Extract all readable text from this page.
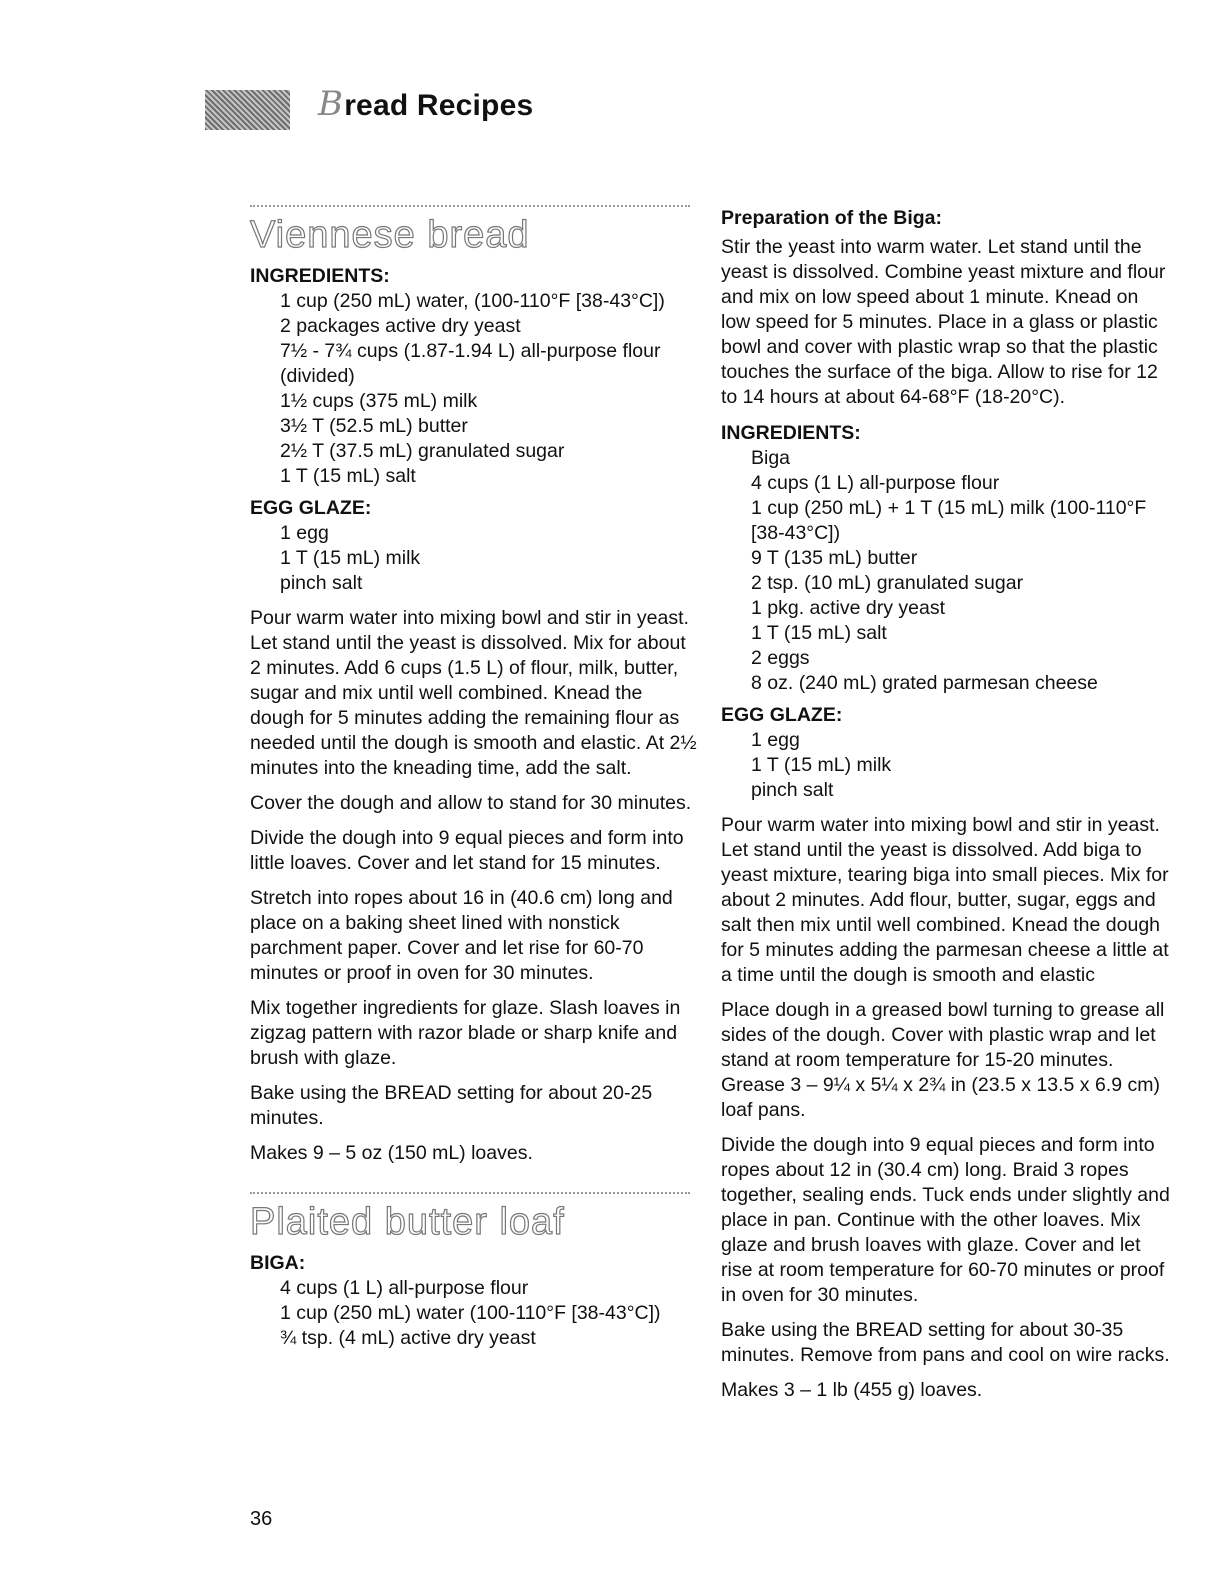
Bread Recipes
Viennese bread
INGREDIENTS:
1 cup (250 mL) water, (100-110°F [38-43°C])
2 packages active dry yeast
7½ - 7¾ cups (1.87-1.94 L) all-purpose flour
(divided)
1½ cups (375 mL) milk
3½ T (52.5 mL) butter
2½ T (37.5 mL) granulated sugar
1 T (15 mL) salt
EGG GLAZE:
1 egg
1 T (15 mL) milk
pinch salt

Pour warm water into mixing bowl and stir in yeast. Let stand until the yeast is dissolved. Mix for about 2 minutes. Add 6 cups (1.5 L) of flour, milk, butter, sugar and mix until well combined. Knead the dough for 5 minutes adding the remaining flour as needed until the dough is smooth and elastic. At 2½ minutes into the kneading time, add the salt.

Cover the dough and allow to stand for 30 minutes.

Divide the dough into 9 equal pieces and form into little loaves. Cover and let stand for 15 minutes.

Stretch into ropes about 16 in (40.6 cm) long and place on a baking sheet lined with nonstick parchment paper. Cover and let rise for 60-70 minutes or proof in oven for 30 minutes.

Mix together ingredients for glaze. Slash loaves in zigzag pattern with razor blade or sharp knife and brush with glaze.

Bake using the BREAD setting for about 20-25 minutes.

Makes 9 – 5 oz (150 mL) loaves.

Plaited butter loaf
BIGA:
4 cups (1 L) all-purpose flour
1 cup (250 mL) water (100-110°F [38-43°C])
¾ tsp. (4 mL) active dry yeast
Preparation of the Biga:

Stir the yeast into warm water. Let stand until the yeast is dissolved. Combine yeast mixture and flour and mix on low speed about 1 minute. Knead on low speed for 5 minutes. Place in a glass or plastic bowl and cover with plastic wrap so that the plastic touches the surface of the biga. Allow to rise for 12 to 14 hours at about 64-68°F (18-20°C).

INGREDIENTS:
Biga
4 cups (1 L) all-purpose flour
1 cup (250 mL) + 1 T (15 mL) milk (100-110°F
[38-43°C])
9 T (135 mL) butter
2 tsp. (10 mL) granulated sugar
1 pkg. active dry yeast
1 T (15 mL) salt
2 eggs
8 oz. (240 mL) grated parmesan cheese
EGG GLAZE:
1 egg
1 T (15 mL) milk
pinch salt

Pour warm water into mixing bowl and stir in yeast. Let stand until the yeast is dissolved. Add biga to yeast mixture, tearing biga into small pieces. Mix for about 2 minutes. Add flour, butter, sugar, eggs and salt then mix until well combined. Knead the dough for 5 minutes adding the parmesan cheese a little at a time until the dough is smooth and elastic

Place dough in a greased bowl turning to grease all sides of the dough. Cover with plastic wrap and let stand at room temperature for 15-20 minutes. Grease 3 – 9¼ x 5¼ x 2¾ in (23.5 x 13.5 x 6.9 cm) loaf pans.

Divide the dough into 9 equal pieces and form into ropes about 12 in (30.4 cm) long. Braid 3 ropes together, sealing ends. Tuck ends under slightly and place in pan. Continue with the other loaves. Mix glaze and brush loaves with glaze. Cover and let rise at room temperature for 60-70 minutes or proof in oven for 30 minutes.

Bake using the BREAD setting for about 30-35 minutes. Remove from pans and cool on wire racks.

Makes 3 – 1 lb (455 g) loaves.

36
